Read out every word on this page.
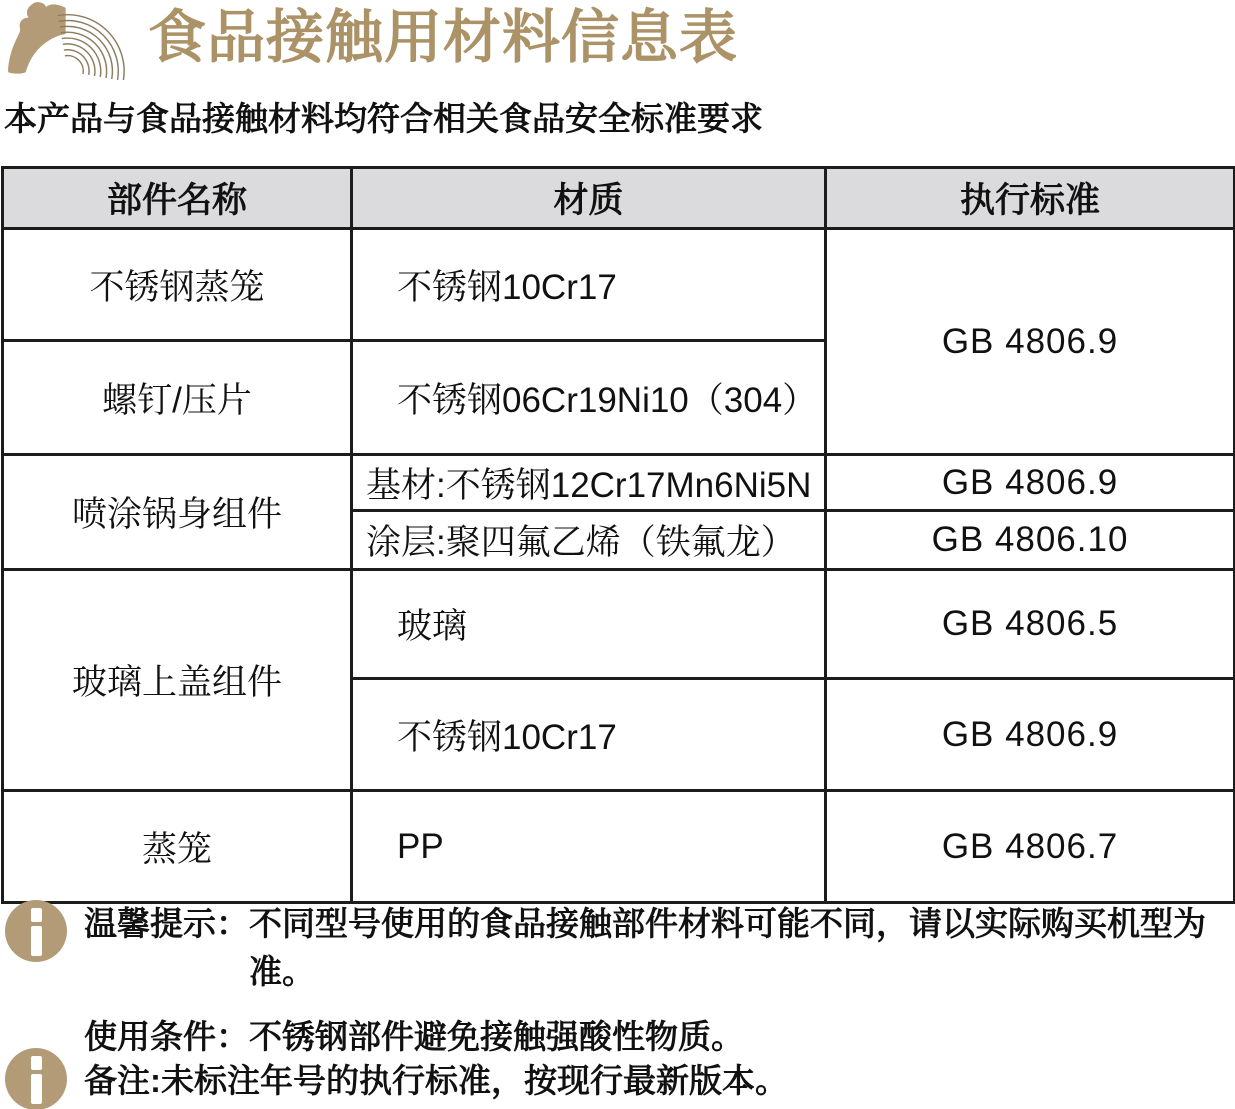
食品接触用材料信息表

本产品与食品接触材料均符合相关食品安全标准要求

部件名称	材质	执行标准
不锈钢蒸笼	不锈钢10Cr17	GB 4806.9
螺钉/压片	不锈钢06Cr19Ni10（304）	
喷涂锅身组件	基材:不锈钢12Cr17Mn6Ni5N	GB 4806.9
	涂层:聚四氟乙烯（铁氟龙）	GB 4806.10
玻璃上盖组件	玻璃	GB 4806.5
	不锈钢10Cr17	GB 4806.9
蒸笼	PP	GB 4806.7
温馨提示： 不同型号使用的食品接触部件材料可能不同，请以实际购买机型为准。

使用条件：不锈钢部件避免接触强酸性物质。

备注:未标注年号的执行标准，按现行最新版本。
